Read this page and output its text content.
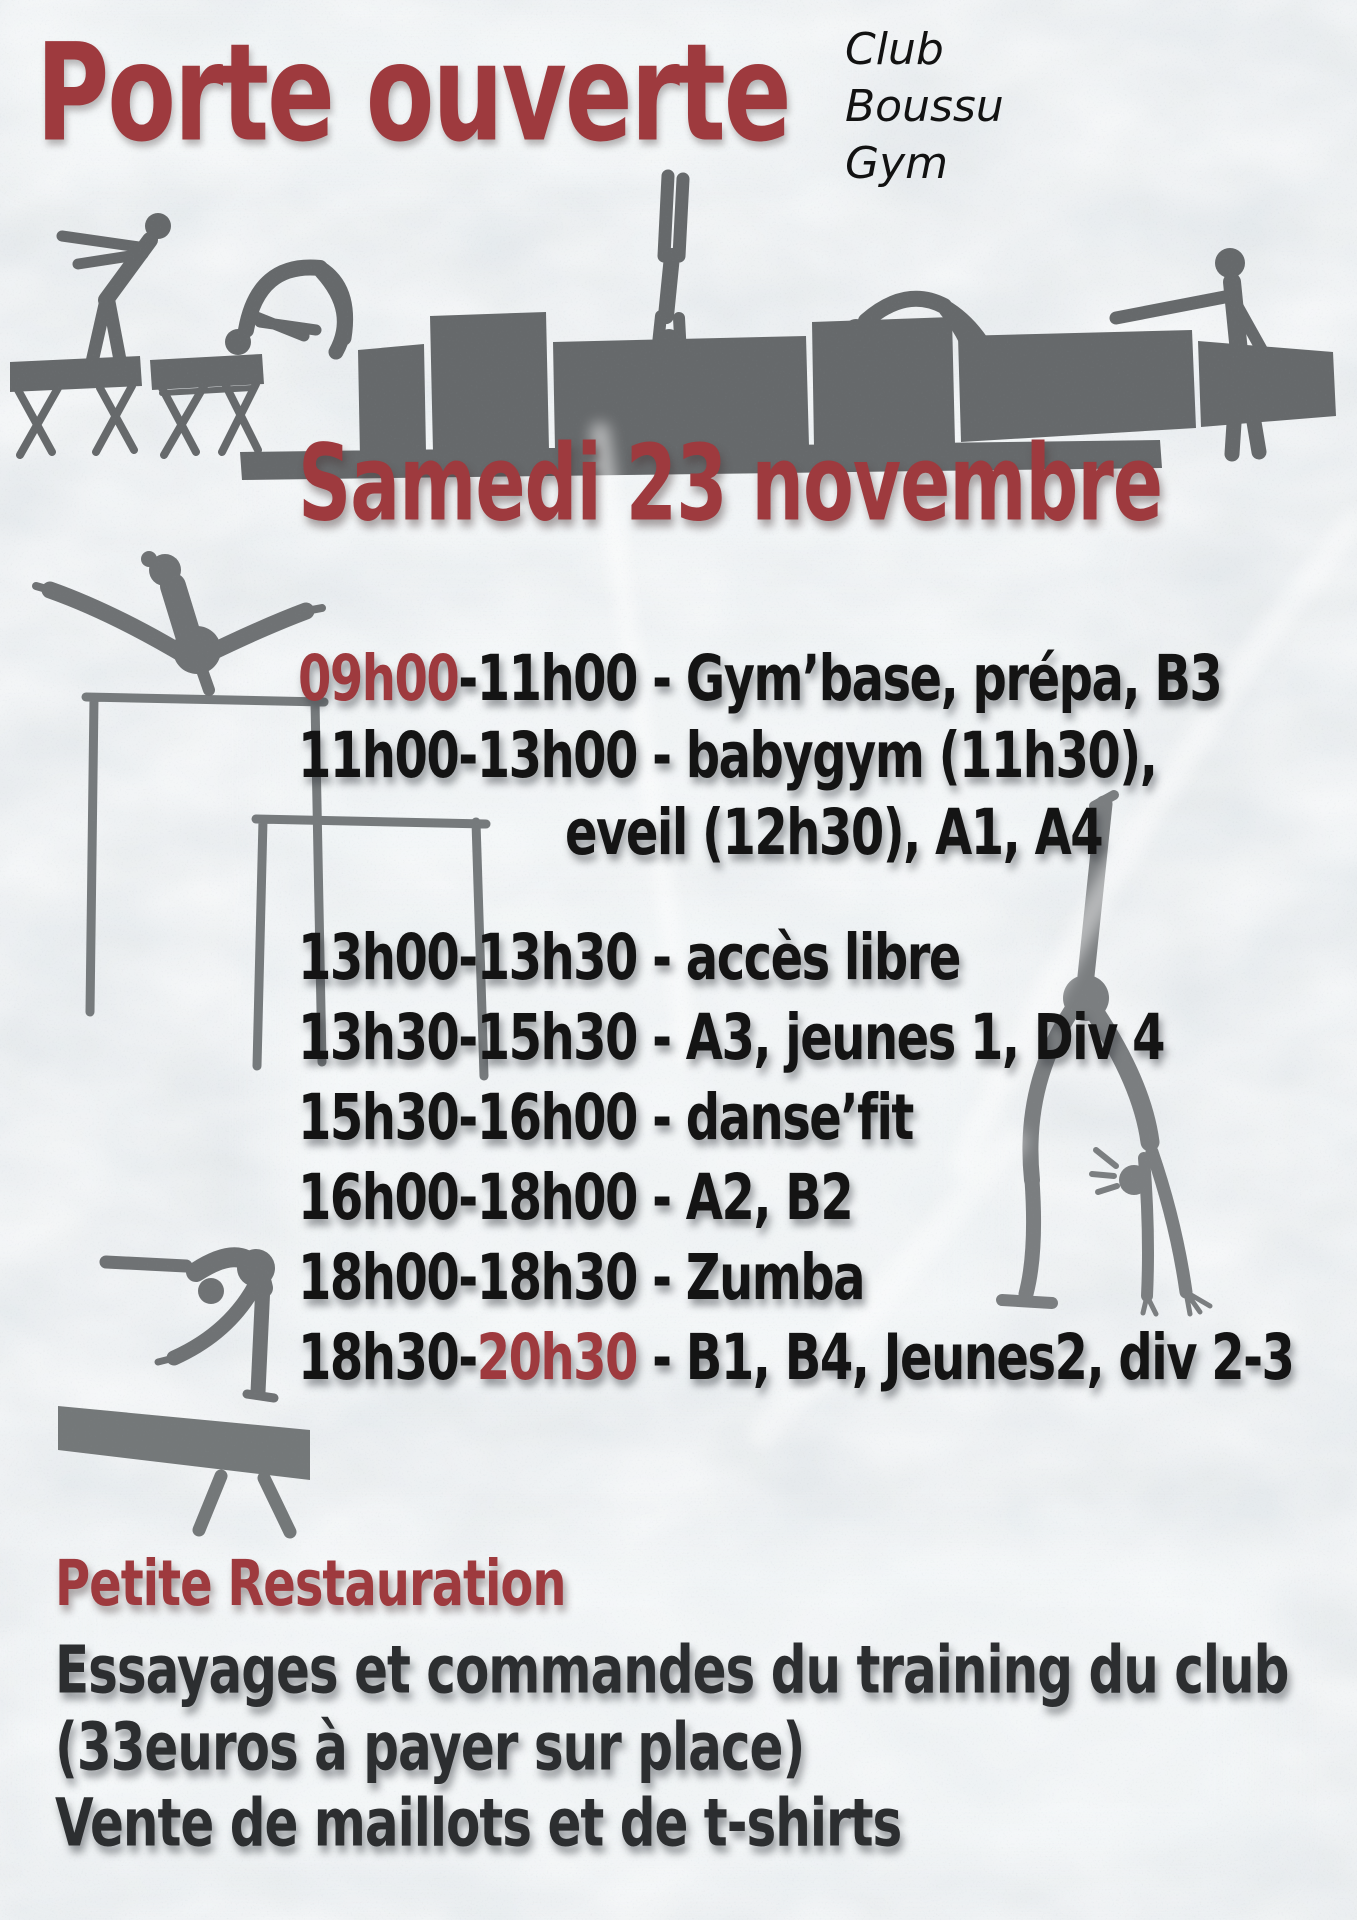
Porte ouverte Club
Boussu
Gym
Samedi 23 novembre
09h00-11h00 - Gym’base, prépa, B3
11h00-13h00 - babygym (11h30),
eveil (12h30), A1, A4
13h00-13h30 - accès libre
13h30-15h30 - A3, jeunes 1, Div 4
15h30-16h00 - danse’fit
16h00-18h00 - A2, B2
18h00-18h30 - Zumba
18h30-20h30 - B1, B4, Jeunes2, div 2-3
Petite Restauration
Essayages et commandes du training du club
(33euros à payer sur place)
Vente de maillots et de t-shirts
